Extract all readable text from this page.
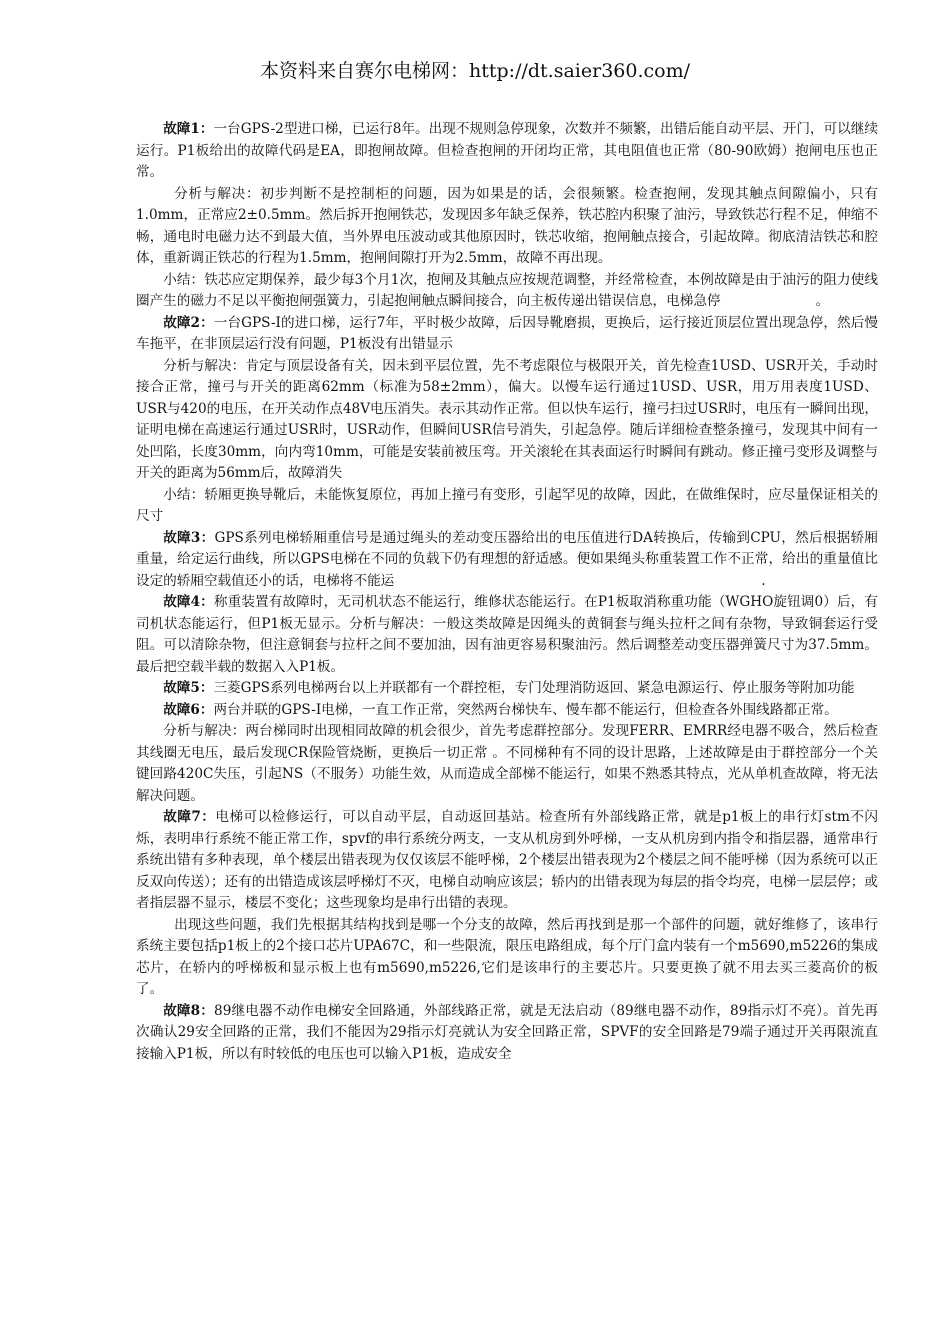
本资料来自赛尔电梯网：http://dt.saier360.com/

故障1：一台GPS-2型进口梯，已运行8年。出现不规则急停现象，次数并不频繁，出错后能自动平层、开门，可以继续运行。P1板给出的故障代码是EA，即抱闸故障。但检查抱闸的开闭均正常，其电阻值也正常（80-90欧姆）抱闸电压也正常。

分析与解决：初步判断不是控制柜的问题，因为如果是的话，会很频繁。检查抱闸，发现其触点间隙偏小，只有1.0mm，正常应2±0.5mm。然后拆开抱闸铁芯，发现因多年缺乏保养，铁芯腔内积聚了油污，导致铁芯行程不足，伸缩不畅，通电时电磁力达不到最大值，当外界电压波动或其他原因时，铁芯收缩，抱闸触点接合，引起故障。彻底清洁铁芯和腔体，重新调正铁芯的行程为1.5mm，抱闸间隙打开为2.5mm，故障不再出现。

小结：铁芯应定期保养，最少每3个月1次，抱闸及其触点应按规范调整，并经常检查，本例故障是由于油污的阻力使线圈产生的磁力不足以平衡抱闸强簧力，引起抱闸触点瞬间接合，向主板传递出错误信息，电梯急停　　　　　　　。

故障2：一台GPS-I的进口梯，运行7年，平时极少故障，后因导靴磨损，更换后，运行接近顶层位置出现急停，然后慢车拖平，在非顶层运行没有问题，P1板没有出错显示

分析与解决：肯定与顶层设备有关，因未到平层位置，先不考虑限位与极限开关，首先检查1USD、USR开关，手动时接合正常，撞弓与开关的距离62mm（标准为58±2mm），偏大。以慢车运行通过1USD、USR，用万用表度1USD、USR与420的电压，在开关动作点48V电压消失。表示其动作正常。但以快车运行，撞弓扫过USR时，电压有一瞬间出现，证明电梯在高速运行通过USR时，USR动作，但瞬间USR信号消失，引起急停。随后详细检查整条撞弓，发现其中间有一处凹陷，长度30mm，向内弯10mm，可能是安装前被压弯。开关滚轮在其表面运行时瞬间有跳动。修正撞弓变形及调整与开关的距离为56mm后，故障消失

小结：轿厢更换导靴后，未能恢复原位，再加上撞弓有变形，引起罕见的故障，因此，在做维保时，应尽量保证相关的尺寸

故障3：GPS系列电梯轿厢重信号是通过绳头的差动变压器给出的电压值进行DA转换后，传输到CPU，然后根据轿厢重量，给定运行曲线，所以GPS电梯在不同的负载下仍有理想的舒适感。便如果绳头称重装置工作不正常，给出的重量值比设定的轿厢空载值还小的话，电梯将不能运　　　　　　　　　　　　　　　　　　　　　　　　　　　.

故障4：称重装置有故障时，无司机状态不能运行，维修状态能运行。在P1板取消称重功能（WGHO旋钮调0）后，有司机状态能运行，但P1板无显示。分析与解决：一般这类故障是因绳头的黄铜套与绳头拉杆之间有杂物，导致铜套运行受阻。可以清除杂物，但注意铜套与拉杆之间不要加油，因有油更容易积聚油污。然后调整差动变压器弹簧尺寸为37.5mm。最后把空载半载的数据入入P1板。

故障5：三菱GPS系列电梯两台以上并联都有一个群控柜，专门处理消防返回、紧急电源运行、停止服务等附加功能

故障6：两台并联的GPS-I电梯，一直工作正常，突然两台梯快车、慢车都不能运行，但检查各外围线路都正常。

分析与解决：两台梯同时出现相同故障的机会很少，首先考虑群控部分。发现FERR、EMRR经电器不吸合，然后检查其线圈无电压，最后发现CR保险管烧断，更换后一切正常 。不同梯种有不同的设计思路，上述故障是由于群控部分一个关键回路420C失压，引起NS（不服务）功能生效，从而造成全部梯不能运行，如果不熟悉其特点，光从单机查故障，将无法解决问题。

故障7：电梯可以检修运行，可以自动平层，自动返回基站。检查所有外部线路正常，就是p1板上的串行灯stm不闪烁，表明串行系统不能正常工作，spvf的串行系统分两支，一支从机房到外呼梯，一支从机房到内指令和指层器，通常串行系统出错有多种表现，单个楼层出错表现为仅仅该层不能呼梯，2个楼层出错表现为2个楼层之间不能呼梯（因为系统可以正反双向传送）；还有的出错造成该层呼梯灯不灭，电梯自动响应该层；轿内的出错表现为每层的指令均亮，电梯一层层停；或者指层器不显示，楼层不变化；这些现象均是串行出错的表现。

出现这些问题，我们先根据其结构找到是哪一个分支的故障，然后再找到是那一个部件的问题，就好维修了，该串行系统主要包括p1板上的2个接口芯片UPA67C，和一些限流，限压电路组成，每个厅门盒内装有一个m5690,m5226的集成芯片，在轿内的呼梯板和显示板上也有m5690,m5226,它们是该串行的主要芯片。只要更换了就不用去买三菱高价的板了。

故障8：89继电器不动作电梯安全回路通，外部线路正常，就是无法启动（89继电器不动作，89指示灯不亮）。首先再次确认29安全回路的正常，我们不能因为29指示灯亮就认为安全回路正常，SPVF的安全回路是79端子通过开关再限流直接输入P1板，所以有时较低的电压也可以输入P1板，造成安全
